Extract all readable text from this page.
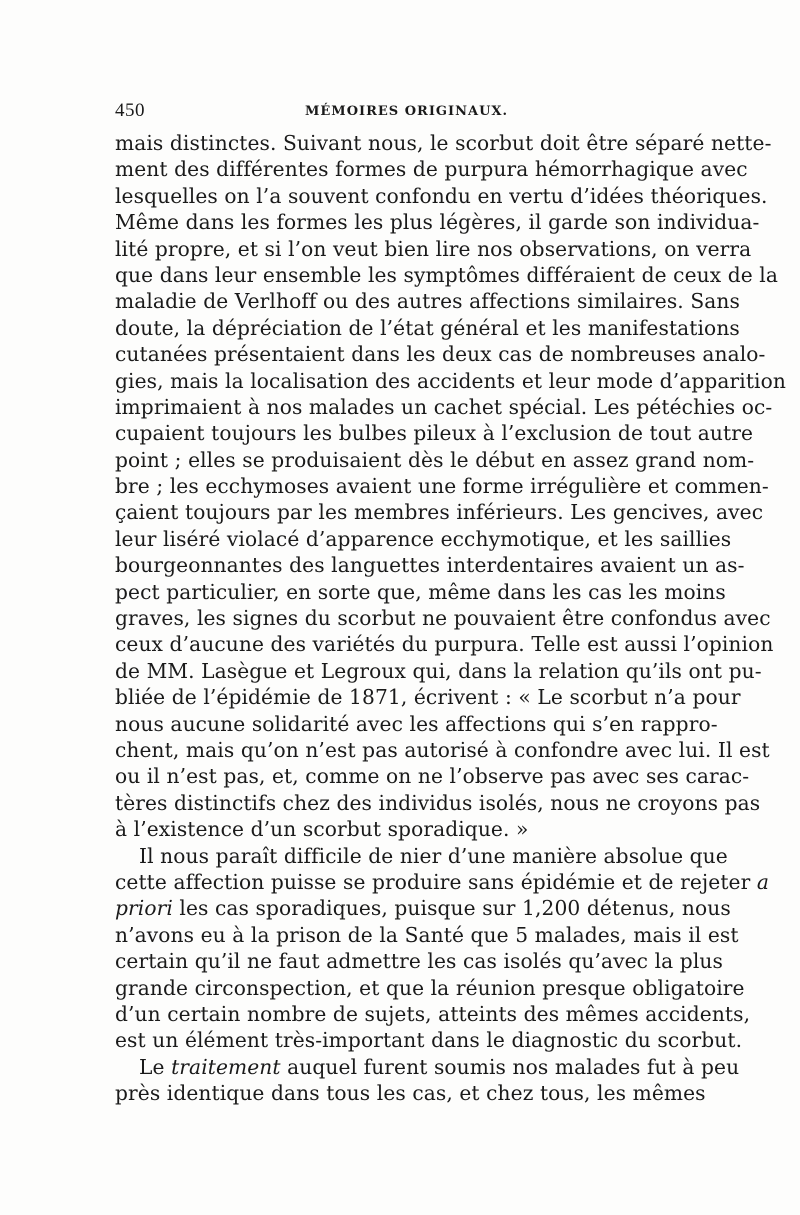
450	MÉMOIRES ORIGINAUX.
mais distinctes. Suivant nous, le scorbut doit être séparé nette-
ment des différentes formes de purpura hémorrhagique avec
lesquelles on l’a souvent confondu en vertu d’idées théoriques.
Même dans les formes les plus légères, il garde son individua-
lité propre, et si l’on veut bien lire nos observations, on verra
que dans leur ensemble les symptômes différaient de ceux de la
maladie de Verlhoff ou des autres affections similaires. Sans
doute, la dépréciation de l’état général et les manifestations
cutanées présentaient dans les deux cas de nombreuses analo-
gies, mais la localisation des accidents et leur mode d’apparition
imprimaient à nos malades un cachet spécial. Les pétéchies oc-
cupaient toujours les bulbes pileux à l’exclusion de tout autre
point ; elles se produisaient dès le début en assez grand nom-
bre ; les ecchymoses avaient une forme irrégulière et commen-
çaient toujours par les membres inférieurs. Les gencives, avec
leur liséré violacé d’apparence ecchymotique, et les saillies
bourgeonnantes des languettes interdentaires avaient un as-
pect particulier, en sorte que, même dans les cas les moins
graves, les signes du scorbut ne pouvaient être confondus avec
ceux d’aucune des variétés du purpura. Telle est aussi l’opinion
de MM. Lasègue et Legroux qui, dans la relation qu’ils ont pu-
bliée de l’épidémie de 1871, écrivent : « Le scorbut n’a pour
nous aucune solidarité avec les affections qui s’en rappro-
chent, mais qu’on n’est pas autorisé à confondre avec lui. Il est
ou il n’est pas, et, comme on ne l’observe pas avec ses carac-
tères distinctifs chez des individus isolés, nous ne croyons pas
à l’existence d’un scorbut sporadique. »
Il nous paraît difficile de nier d’une manière absolue que
cette affection puisse se produire sans épidémie et de rejeter a
priori les cas sporadiques, puisque sur 1,200 détenus, nous
n’avons eu à la prison de la Santé que 5 malades, mais il est
certain qu’il ne faut admettre les cas isolés qu’avec la plus
grande circonspection, et que la réunion presque obligatoire
d’un certain nombre de sujets, atteints des mêmes accidents,
est un élément très-important dans le diagnostic du scorbut.
Le traitement auquel furent soumis nos malades fut à peu
près identique dans tous les cas, et chez tous, les mêmes
